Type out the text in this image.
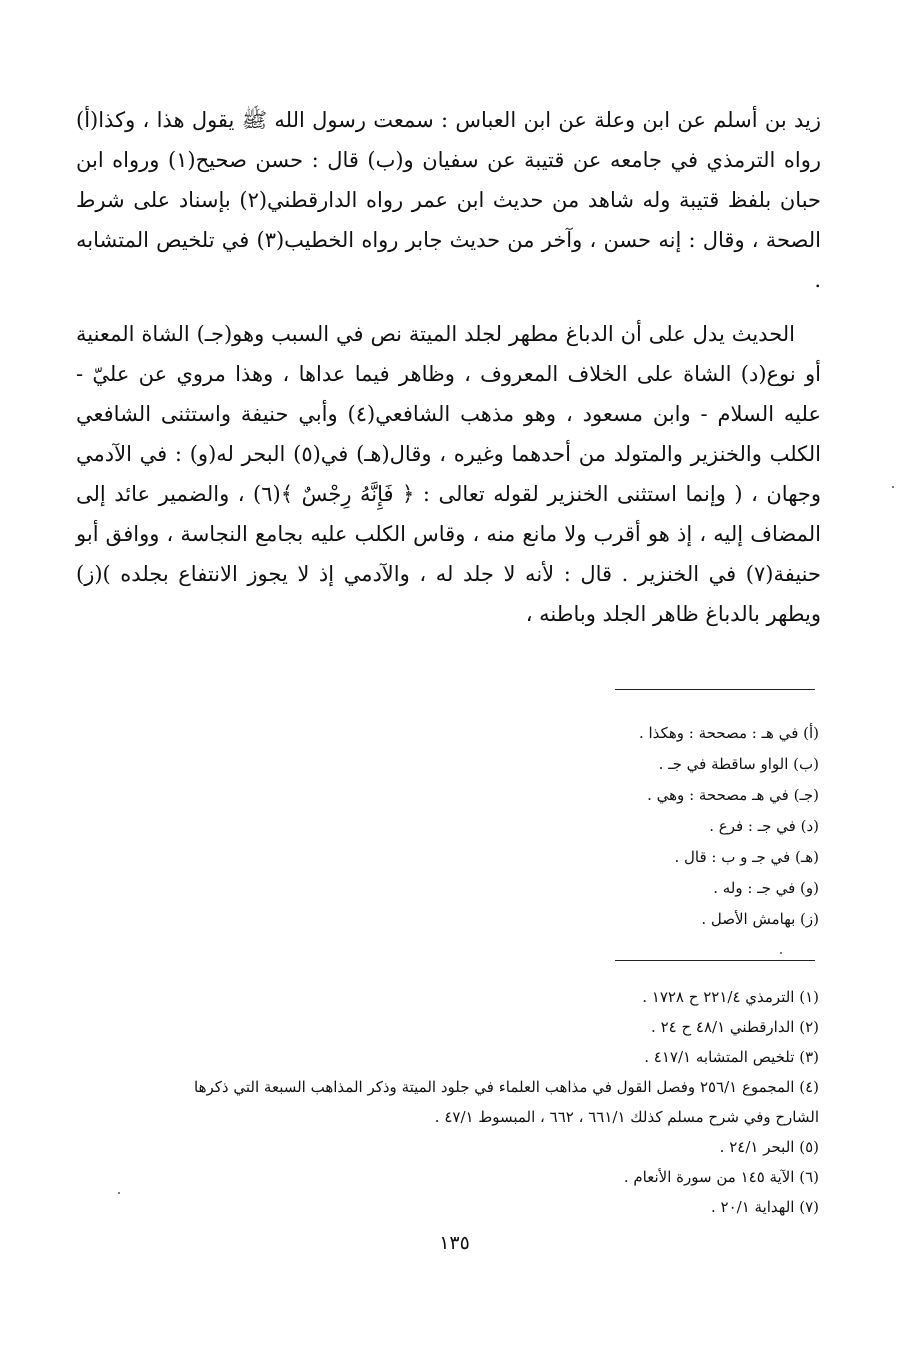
زيد بن أسلم عن ابن وعلة عن ابن العباس : سمعت رسول الله ﷺ يقول هذا ، وكذا(أ) رواه الترمذي في جامعه عن قتيبة عن سفيان و(ب) قال : حسن صحيح(١) ورواه ابن حبان بلفظ قتيبة وله شاهد من حديث ابن عمر رواه الدارقطني(٢) بإسناد على شرط الصحة ، وقال : إنه حسن ، وآخر من حديث جابر رواه الخطيب(٣) في تلخيص المتشابه .

الحديث يدل على أن الدباغ مطهر لجلد الميتة نص في السبب وهو(جـ) الشاة المعنية أو نوع(د) الشاة على الخلاف المعروف ، وظاهر فيما عداها ، وهذا مروي عن عليّ - عليه السلام - وابن مسعود ، وهو مذهب الشافعي(٤) وأبي حنيفة واستثنى الشافعي الكلب والخنزير والمتولد من أحدهما وغيره ، وقال(هـ) في(٥) البحر له(و) : في الآدمي وجهان ، ( وإنما استثنى الخنزير لقوله تعالى : ﴿ فَإِنَّهُ رِجْسٌ ﴾(٦) ، والضمير عائد إلى المضاف إليه ، إذ هو أقرب ولا مانع منه ، وقاس الكلب عليه بجامع النجاسة ، ووافق أبو حنيفة(٧) في الخنزير . قال : لأنه لا جلد له ، والآدمي إذ لا يجوز الانتفاع بجلده )(ز) ويطهر بالدباغ ظاهر الجلد وباطنه ،

(أ) في هـ : مصححة : وهكذا .
(ب) الواو ساقطة في جـ .
(جـ) في هـ مصححة : وهي .
(د) في جـ : فرع .
(هـ) في جـ و ب : قال .
(و) في جـ : وله .
(ز) بهامش الأصل .
(١) الترمذي ٢٢١/٤ ح ١٧٢٨ .
(٢) الدارقطني ٤٨/١ ح ٢٤ .
(٣) تلخيص المتشابه ٤١٧/١ .
(٤) المجموع ٢٥٦/١ وفصل القول في مذاهب العلماء في جلود الميتة وذكر المذاهب السبعة التي ذكرها
الشارح وفي شرح مسلم كذلك ٦٦١/١ ، ٦٦٢ ، المبسوط ٤٧/١ .
(٥) البحر ٢٤/١ .
(٦) الآية ١٤٥ من سورة الأنعام .
(٧) الهداية ٢٠/١ .
١٣٥
